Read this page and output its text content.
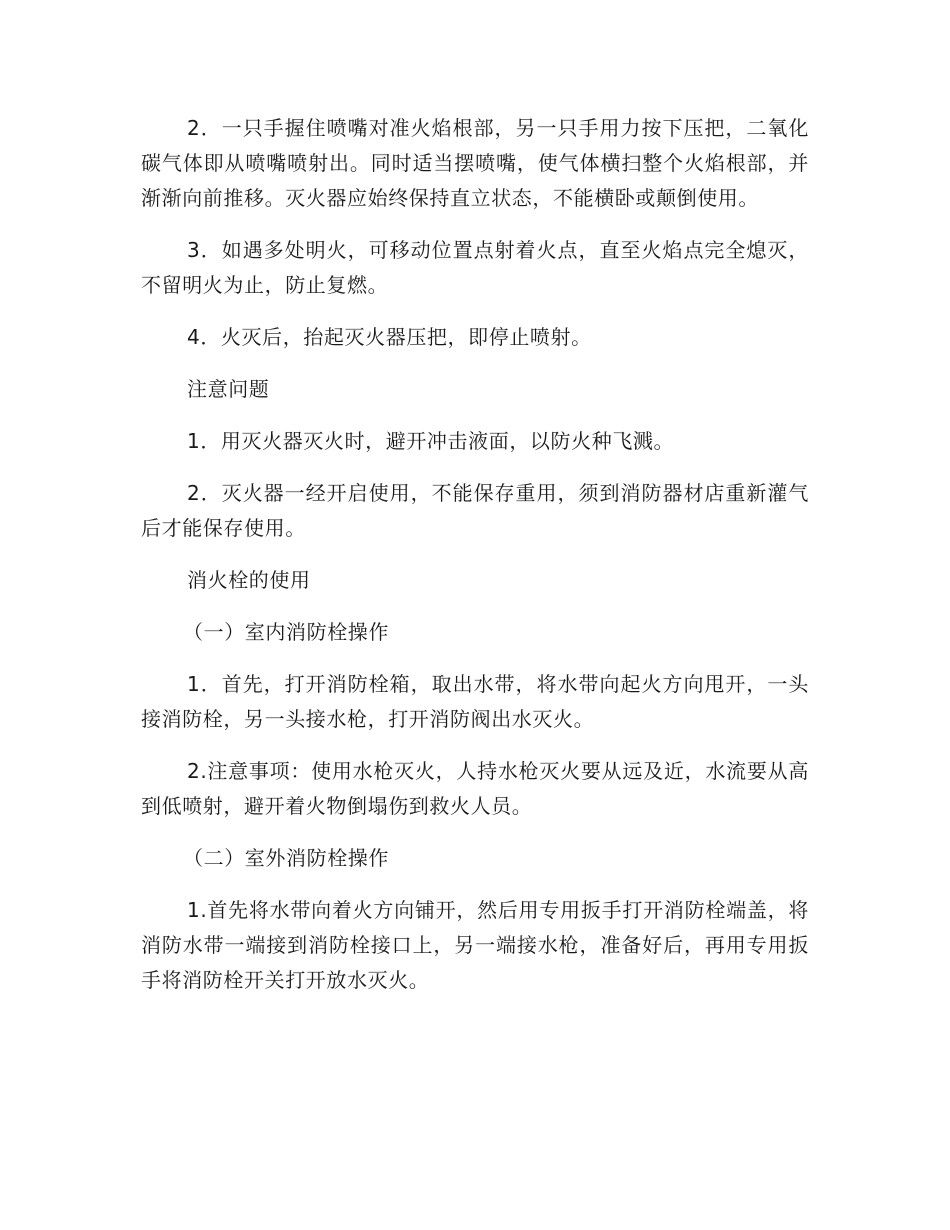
2．一只手握住喷嘴对准火焰根部，另一只手用力按下压把，二氧化碳气体即从喷嘴喷射出。同时适当摆喷嘴，使气体横扫整个火焰根部，并渐渐向前推移。灭火器应始终保持直立状态，不能横卧或颠倒使用。

3．如遇多处明火，可移动位置点射着火点，直至火焰点完全熄灭，不留明火为止，防止复燃。

4．火灭后，抬起灭火器压把，即停止喷射。

注意问题

1．用灭火器灭火时，避开冲击液面，以防火种飞溅。

2．灭火器一经开启使用，不能保存重用，须到消防器材店重新灌气后才能保存使用。

消火栓的使用

（一）室内消防栓操作

1．首先，打开消防栓箱，取出水带，将水带向起火方向甩开，一头接消防栓，另一头接水枪，打开消防阀出水灭火。

2.注意事项：使用水枪灭火，人持水枪灭火要从远及近，水流要从高到低喷射，避开着火物倒塌伤到救火人员。

（二）室外消防栓操作

1.首先将水带向着火方向铺开，然后用专用扳手打开消防栓端盖，将消防水带一端接到消防栓接口上，另一端接水枪，准备好后，再用专用扳手将消防栓开关打开放水灭火。
